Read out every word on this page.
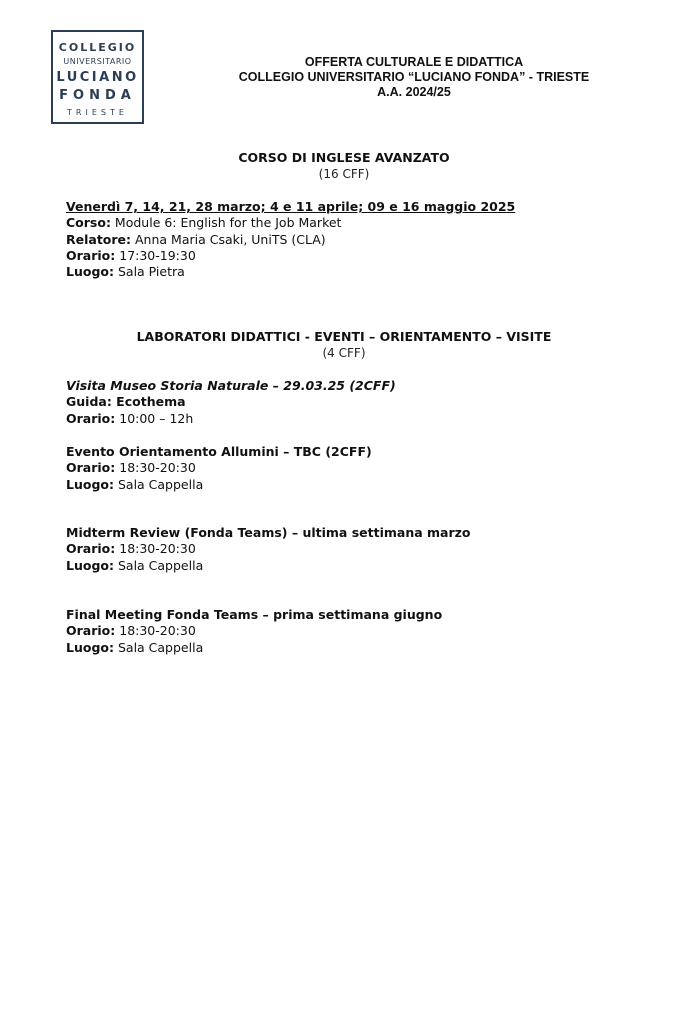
COLLEGIO
UNIVERSITARIO
LUCIANO
FONDA
TRIESTE
OFFERTA CULTURALE E DIDATTICA
COLLEGIO UNIVERSITARIO “LUCIANO FONDA” - TRIESTE
A.A. 2024/25
CORSO DI INGLESE AVANZATO
(16 CFF)
Venerdì 7, 14, 21, 28 marzo; 4 e 11 aprile; 09 e 16 maggio 2025
Corso: Module 6: English for the Job Market
Relatore: Anna Maria Csaki, UniTS (CLA)
Orario: 17:30-19:30
Luogo: Sala Pietra
LABORATORI DIDATTICI - EVENTI – ORIENTAMENTO – VISITE
(4 CFF)
Visita Museo Storia Naturale – 29.03.25 (2CFF)
Guida: Ecothema
Orario: 10:00 – 12h
Evento Orientamento Allumini – TBC (2CFF)
Orario: 18:30-20:30
Luogo: Sala Cappella
Midterm Review (Fonda Teams) – ultima settimana marzo
Orario: 18:30-20:30
Luogo: Sala Cappella
Final Meeting Fonda Teams – prima settimana giugno
Orario: 18:30-20:30
Luogo: Sala Cappella
